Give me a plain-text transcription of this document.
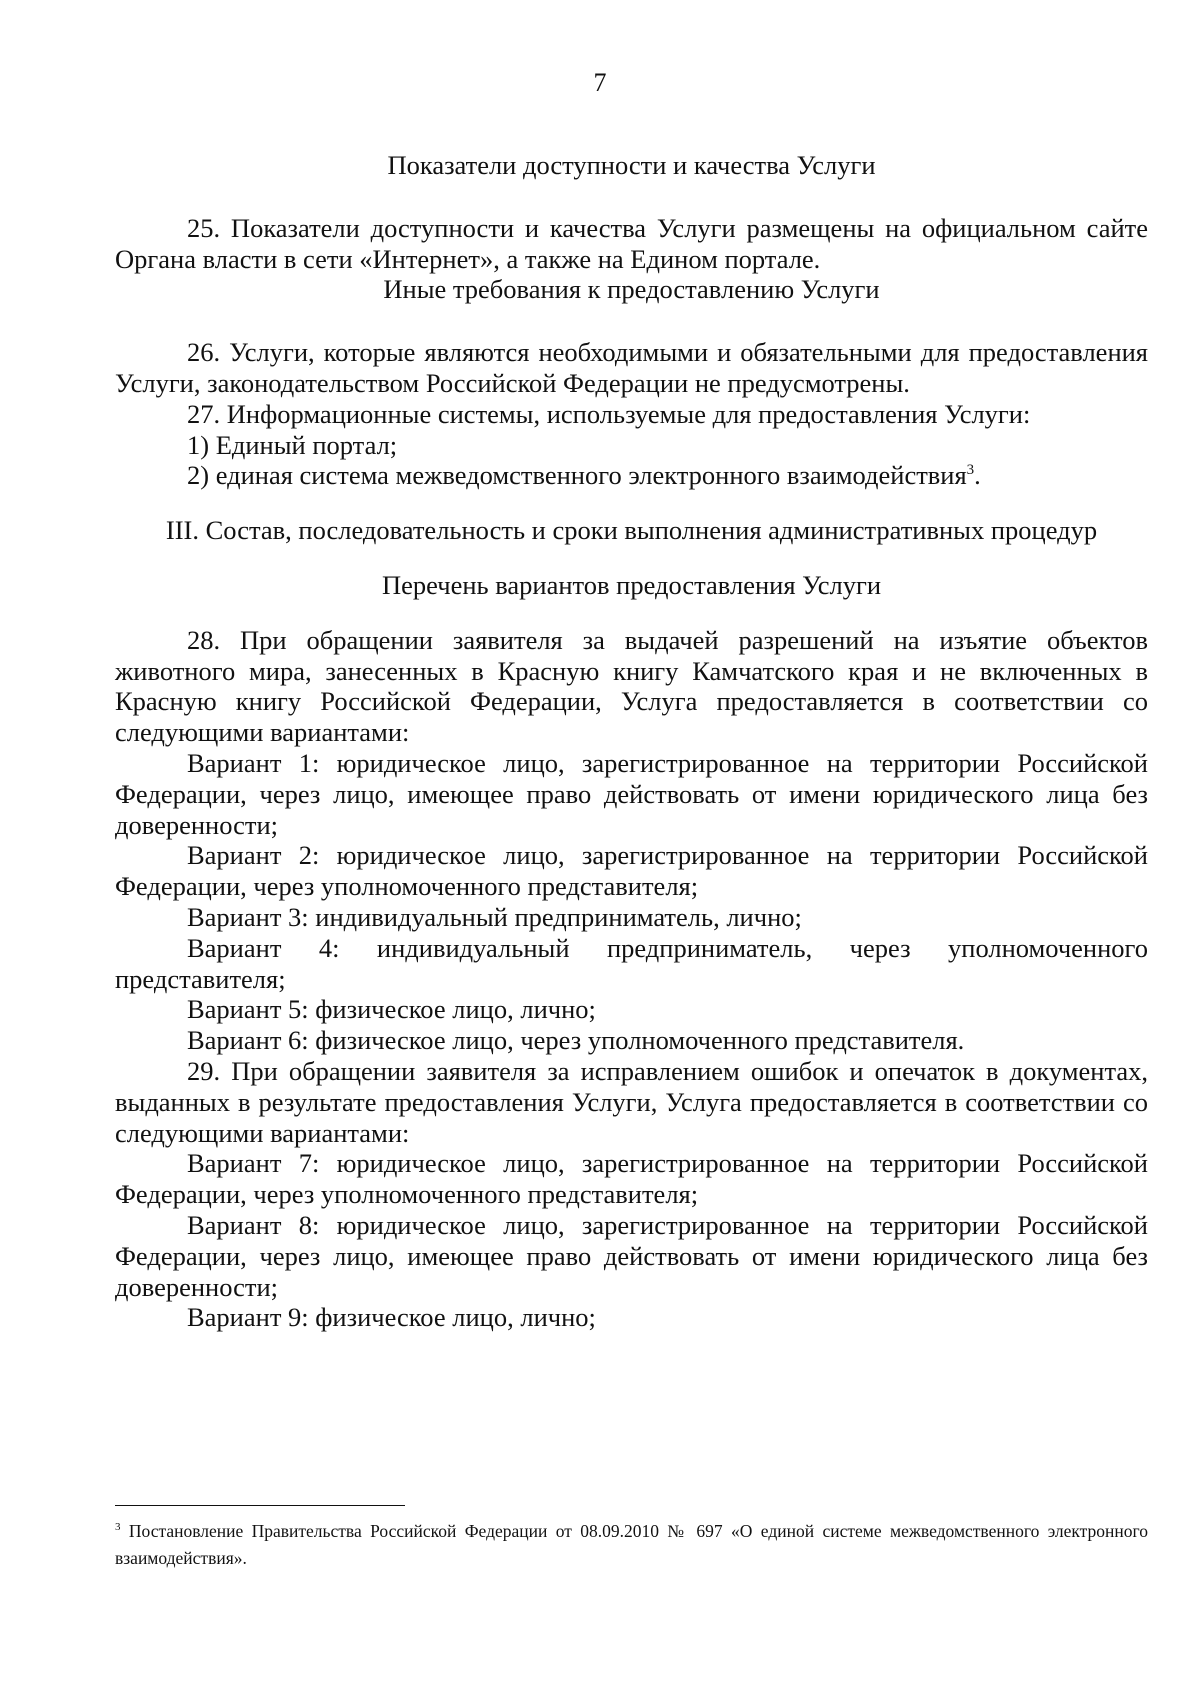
7

Показатели доступности и качества Услуги

25. Показатели доступности и качества Услуги размещены на официальном сайте Органа власти в сети «Интернет», а также на Едином портале.

Иные требования к предоставлению Услуги

26. Услуги, которые являются необходимыми и обязательными для предоставления Услуги, законодательством Российской Федерации не предусмотрены.

27. Информационные системы, используемые для предоставления Услуги:

1) Единый портал;

2) единая система межведомственного электронного взаимодействия$^3$.

III. Состав, последовательность и сроки выполнения административных процедур

Перечень вариантов предоставления Услуги

28. При обращении заявителя за выдачей разрешений на изъятие объектов животного мира, занесенных в Красную книгу Камчатского края и не включенных в Красную книгу Российской Федерации, Услуга предоставляется в соответствии со следующими вариантами:

Вариант 1: юридическое лицо, зарегистрированное на территории Российской Федерации, через лицо, имеющее право действовать от имени юридического лица без доверенности;

Вариант 2: юридическое лицо, зарегистрированное на территории Российской Федерации, через уполномоченного представителя;

Вариант 3: индивидуальный предприниматель, лично;

Вариант 4: индивидуальный предприниматель, через уполномоченного представителя;

Вариант 5: физическое лицо, лично;

Вариант 6: физическое лицо, через уполномоченного представителя.

29. При обращении заявителя за исправлением ошибок и опечаток в документах, выданных в результате предоставления Услуги, Услуга предоставляется в соответствии со следующими вариантами:

Вариант 7: юридическое лицо, зарегистрированное на территории Российской Федерации, через уполномоченного представителя;

Вариант 8: юридическое лицо, зарегистрированное на территории Российской Федерации, через лицо, имеющее право действовать от имени юридического лица без доверенности;

Вариант 9: физическое лицо, лично;

$^3$ Постановление Правительства Российской Федерации от 08.09.2010 № 697 «О единой системе межведомственного электронного взаимодействия».
